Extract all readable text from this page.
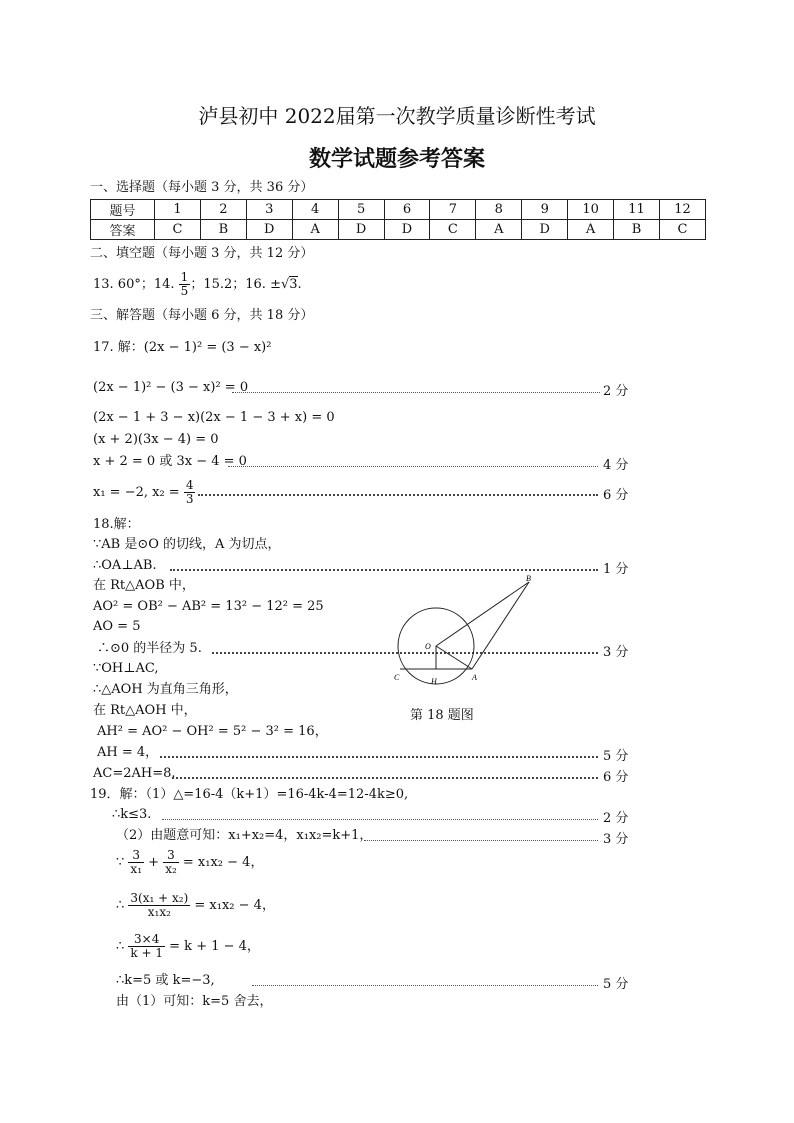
泸县初中 2022届第一次教学质量诊断性考试
数学试题参考答案
一、选择题（每小题 3 分，共 36 分）
题号	1	2	3	4	5	6	7	8	9	10	11	12
答案	C	B	D	A	D	D	C	A	D	A	B	C
二、填空题（每小题 3 分，共 12 分）
13. 60°；14. $\frac{1}{5}$ ；15.2；16. ±√3.
三、解答题（每小题 6 分，共 18 分）
17. 解：(2x − 1)² = (3 − x)²
(2x − 1)² − (3 − x)² = 0	2 分
(2x − 1 + 3 − x)(2x − 1 − 3 + x) = 0
(x + 2)(3x − 4) = 0
x + 2 = 0 或 3x − 4 = 0	4 分
x₁ = −2, $x_2 = \frac{4}{3}$	6 分
18.解：
∵AB 是⊙O 的切线，A 为切点，
∴OA⊥AB.	1 分
在 Rt△AOB 中，
AO² = OB² − AB² = 13² − 12² = 25
AO = 5
∴⊙0 的半径为 5.	3 分
∵OH⊥AC,
∴△AOH 为直角三角形，
在 Rt△AOH 中，
AH² = AO² − OH² = 5² − 3² = 16，
AH = 4，	5 分
AC=2AH=8.	6 分
B
O
C	H	A
第 18 题图
19．解：（1）△=16-4（k+1）=16-4k-4=12-4k≥0,
∴k≤3.	2 分
（2）由题意可知：x₁+x₂=4，x₁x₂=k+1，	3 分
∵ $\frac{3}{\text{x₁}} + \frac{3}{\text{x₂}} = x_1x_2 - 4$，
∴ $\frac{\text{3(x₁ + x₂)}}{\text{x₁x₂}} = x_1x_2 - 4$，
∴ $\frac{3\times 4}{k + 1} = k + 1 - 4$，
∴k=5 或 k=−3,	5 分
由（1）可知：k=5 舍去，
